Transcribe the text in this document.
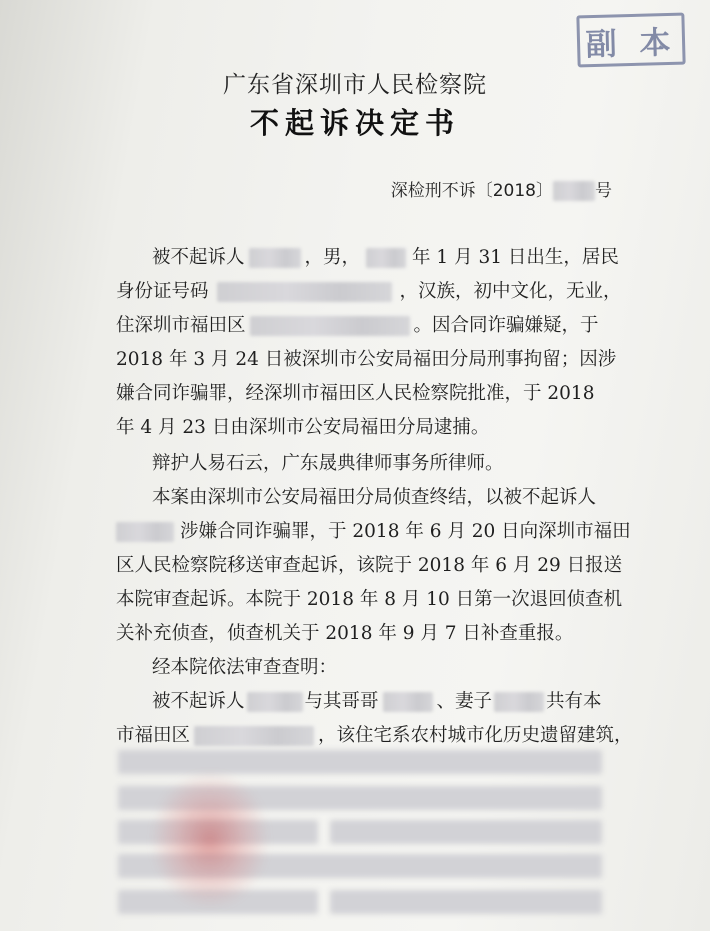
副 本
广东省深圳市人民检察院
不起诉决定书
深检刑不诉〔2018〕 号
被不起诉人	，男，	年 1 月 31 日出生，居民
身份证号码	，汉族，初中文化，无业，
住深圳市福田区	。因合同诈骗嫌疑，于
2018 年 3 月 24 日被深圳市公安局福田分局刑事拘留；因涉
嫌合同诈骗罪，经深圳市福田区人民检察院批准，于 2018
年 4 月 23 日由深圳市公安局福田分局逮捕。
辩护人易石云，广东晟典律师事务所律师。
本案由深圳市公安局福田分局侦查终结，以被不起诉人
涉嫌合同诈骗罪，于 2018 年 6 月 20 日向深圳市福田
区人民检察院移送审查起诉，该院于 2018 年 6 月 29 日报送
本院审查起诉。本院于 2018 年 8 月 10 日第一次退回侦查机
关补充侦查，侦查机关于 2018 年 9 月 7 日补查重报。
经本院依法审查查明：
被不起诉人	与其哥哥	、妻子	共有本
市福田区	，该住宅系农村城市化历史遗留建筑，
